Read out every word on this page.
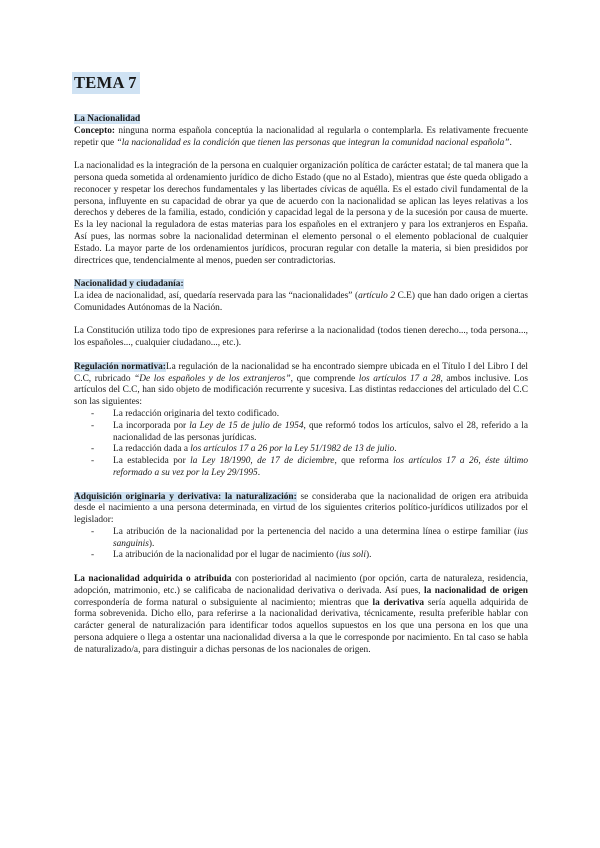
TEMA 7

La Nacionalidad

Concepto: ninguna norma española conceptúa la nacionalidad al regularla o contemplarla. Es relativamente frecuente repetir que “la nacionalidad es la condición que tienen las personas que integran la comunidad nacional española”.

La nacionalidad es la integración de la persona en cualquier organización política de carácter estatal; de tal manera que la persona queda sometida al ordenamiento jurídico de dicho Estado (que no al Estado), mientras que éste queda obligado a reconocer y respetar los derechos fundamentales y las libertades cívicas de aquélla. Es el estado civil fundamental de la persona, influyente en su capacidad de obrar ya que de acuerdo con la nacionalidad se aplican las leyes relativas a los derechos y deberes de la familia, estado, condición y capacidad legal de la persona y de la sucesión por causa de muerte. Es la ley nacional la reguladora de estas materias para los españoles en el extranjero y para los extranjeros en España. Así pues, las normas sobre la nacionalidad determinan el elemento personal o el elemento poblacional de cualquier Estado. La mayor parte de los ordenamientos jurídicos, procuran regular con detalle la materia, si bien presididos por directrices que, tendencialmente al menos, pueden ser contradictorias.

Nacionalidad y ciudadanía:

La idea de nacionalidad, así, quedaría reservada para las “nacionalidades” (artículo 2 C.E) que han dado origen a ciertas Comunidades Autónomas de la Nación.

La Constitución utiliza todo tipo de expresiones para referirse a la nacionalidad (todos tienen derecho..., toda persona..., los españoles..., cualquier ciudadano..., etc.).

Regulación normativa:La regulación de la nacionalidad se ha encontrado siempre ubicada en el Título I del Libro I del C.C, rubricado “De los españoles y de los extranjeros”, que comprende los artículos 17 a 28, ambos inclusive. Los artículos del C.C, han sido objeto de modificación recurrente y sucesiva. Las distintas redacciones del articulado del C.C son las siguientes:

- La redacción originaria del texto codificado.
- La incorporada por la Ley de 15 de julio de 1954, que reformó todos los artículos, salvo el 28, referido a la nacionalidad de las personas jurídicas.
- La redacción dada a los artículos 17 a 26 por la Ley 51/1982 de 13 de julio.
- La establecida por la Ley 18/1990, de 17 de diciembre, que reforma los artículos 17 a 26, éste último reformado a su vez por la Ley 29/1995.

Adquisición originaria y derivativa: la naturalización: se consideraba que la nacionalidad de origen era atribuida desde el nacimiento a una persona determinada, en virtud de los siguientes criterios político-jurídicos utilizados por el legislador:

- La atribución de la nacionalidad por la pertenencia del nacido a una determina línea o estirpe familiar (ius sanguinis).
- La atribución de la nacionalidad por el lugar de nacimiento (ius soli).

La nacionalidad adquirida o atribuida con posterioridad al nacimiento (por opción, carta de naturaleza, residencia, adopción, matrimonio, etc.) se calificaba de nacionalidad derivativa o derivada. Así pues, la nacionalidad de origen correspondería de forma natural o subsiguiente al nacimiento; mientras que la derivativa sería aquella adquirida de forma sobrevenida. Dicho ello, para referirse a la nacionalidad derivativa, técnicamente, resulta preferible hablar con carácter general de naturalización para identificar todos aquellos supuestos en los que una persona en los que una persona adquiere o llega a ostentar una nacionalidad diversa a la que le corresponde por nacimiento. En tal caso se habla de naturalizado/a, para distinguir a dichas personas de los nacionales de origen.
